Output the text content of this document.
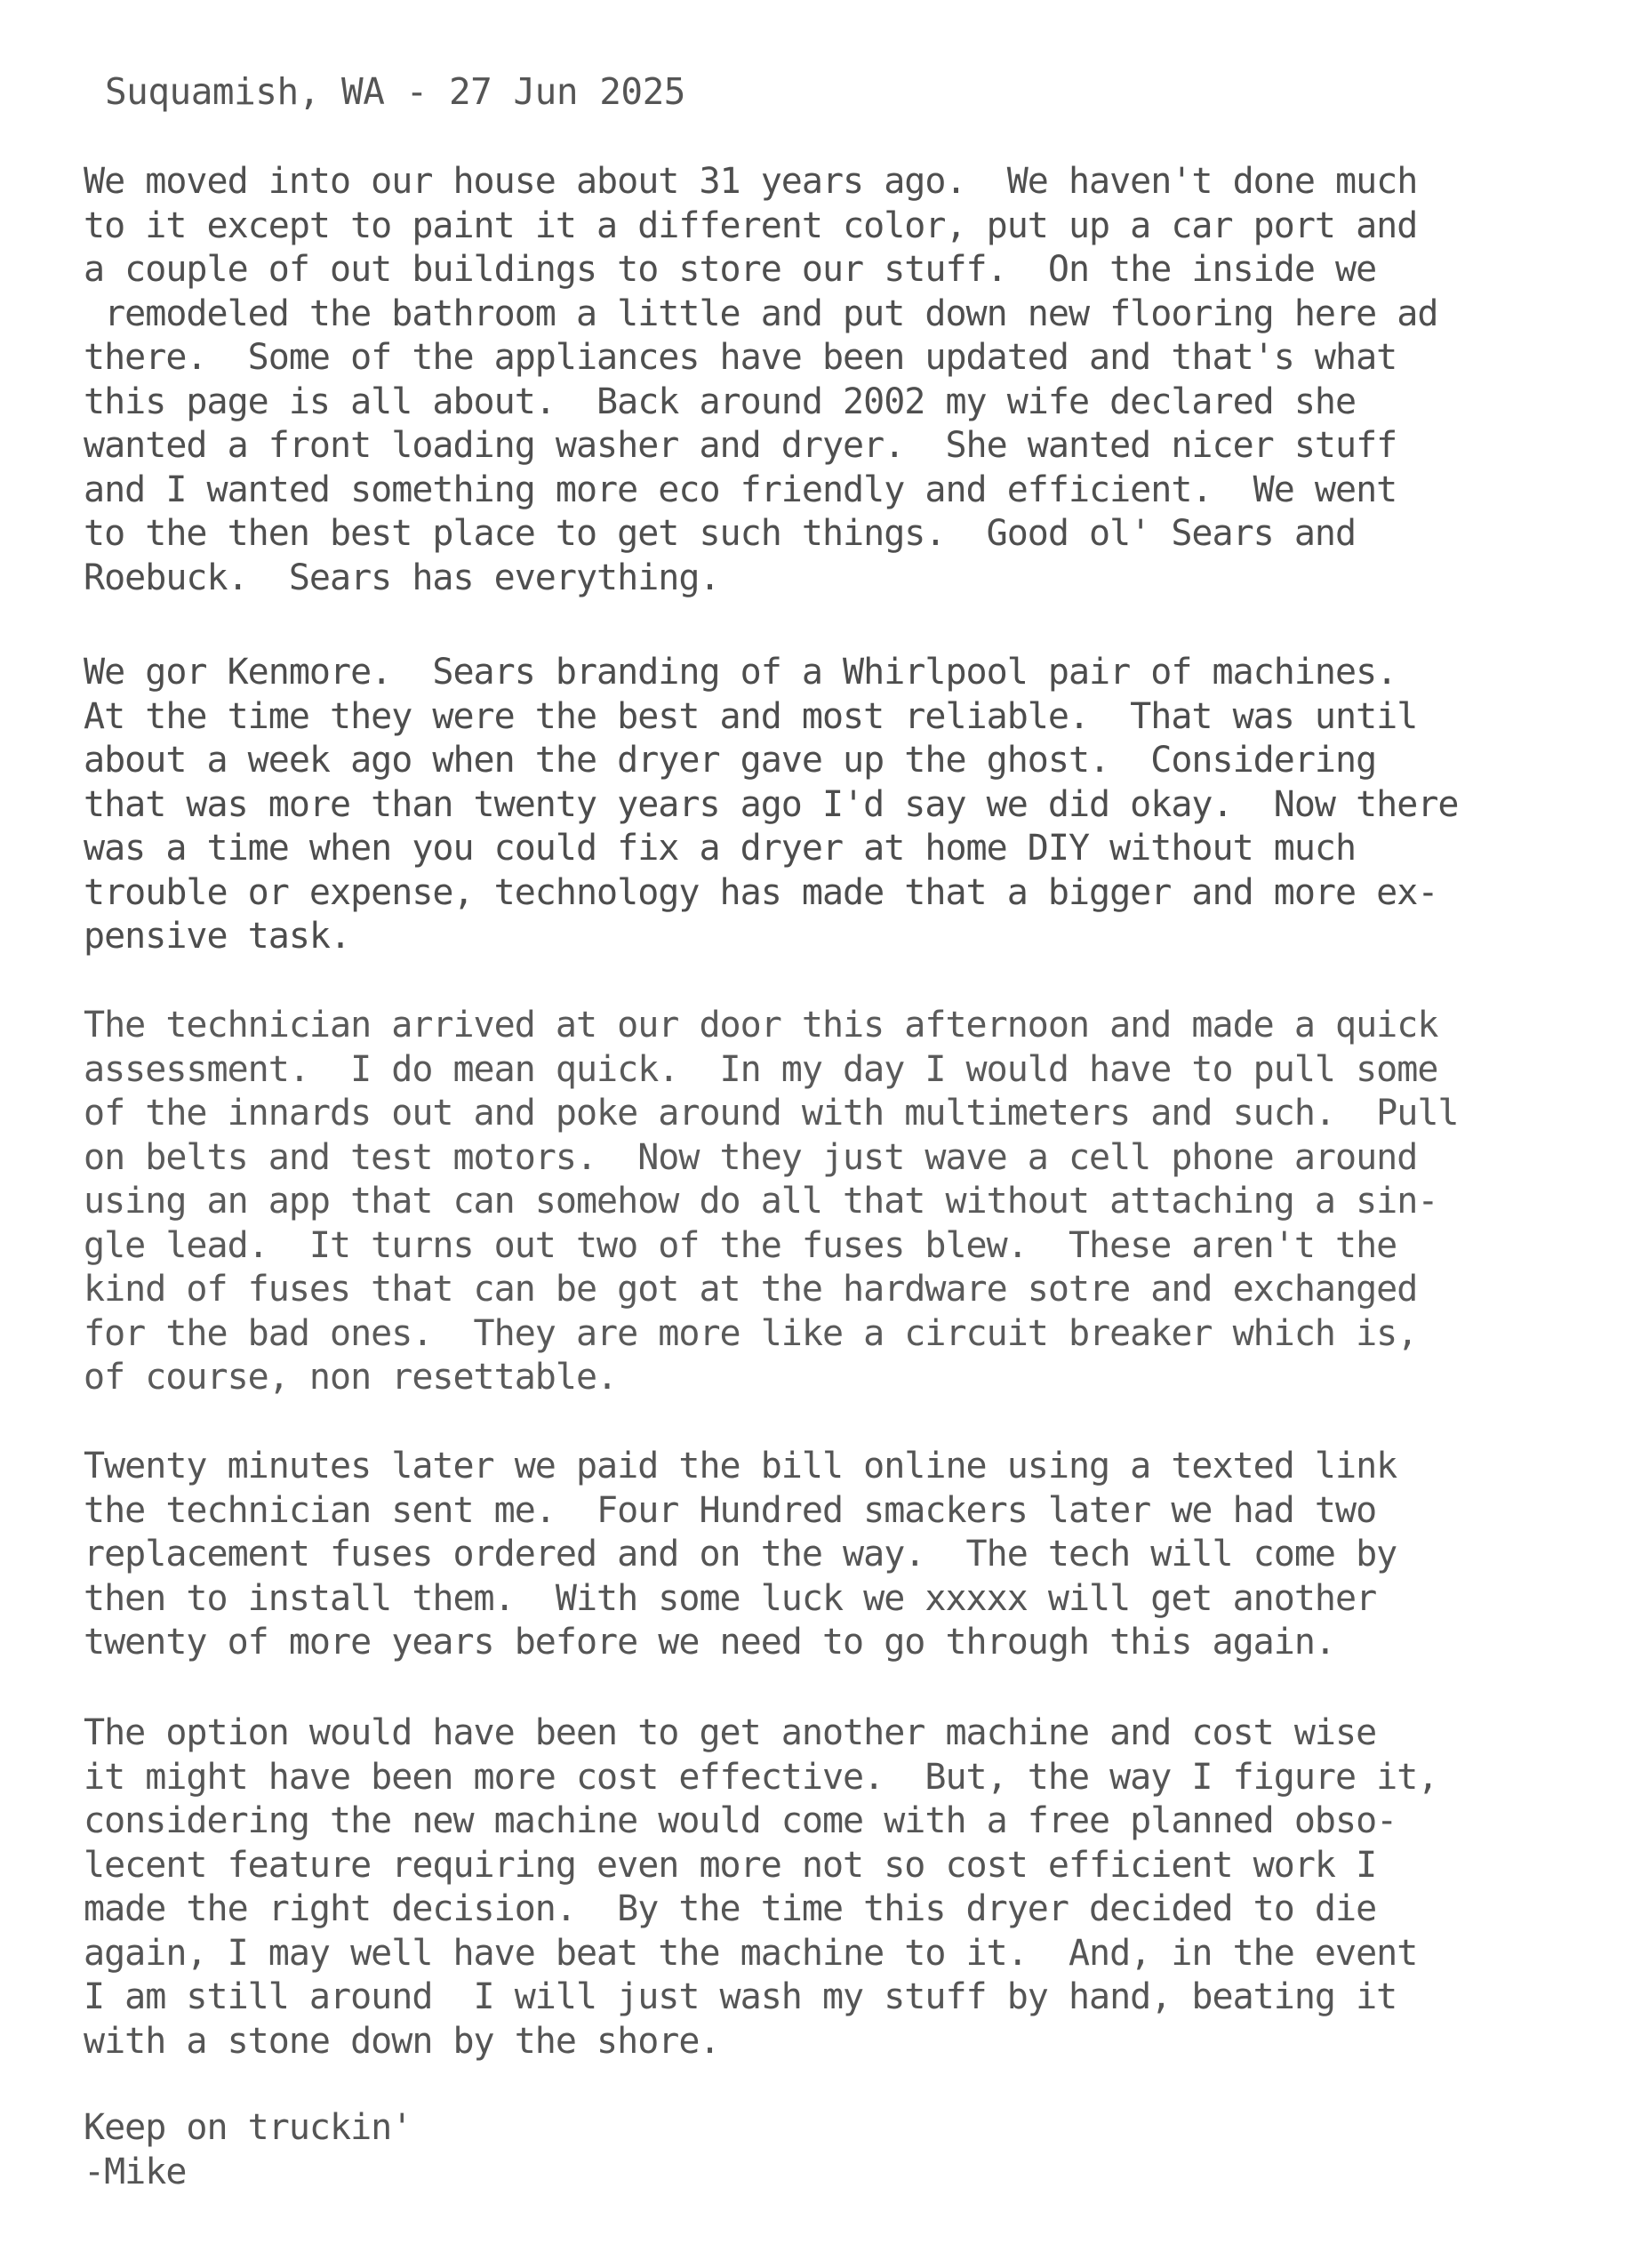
Suquamish, WA - 27 Jun 2025
We moved into our house about 31 years ago.  We haven't done much
to it except to paint it a different color, put up a car port and
a couple of out buildings to store our stuff.  On the inside we
remodeled the bathroom a little and put down new flooring here ad
there.  Some of the appliances have been updated and that's what
this page is all about.  Back around 2002 my wife declared she
wanted a front loading washer and dryer.  She wanted nicer stuff
and I wanted something more eco friendly and efficient.  We went
to the then best place to get such things.  Good ol' Sears and
Roebuck.  Sears has everything.
We gor Kenmore.  Sears branding of a Whirlpool pair of machines.
At the time they were the best and most reliable.  That was until
about a week ago when the dryer gave up the ghost.  Considering
that was more than twenty years ago I'd say we did okay.  Now there
was a time when you could fix a dryer at home DIY without much
trouble or expense, technology has made that a bigger and more ex-
pensive task.
The technician arrived at our door this afternoon and made a quick
assessment.  I do mean quick.  In my day I would have to pull some
of the innards out and poke around with multimeters and such.  Pull
on belts and test motors.  Now they just wave a cell phone around
using an app that can somehow do all that without attaching a sin-
gle lead.  It turns out two of the fuses blew.  These aren't the
kind of fuses that can be got at the hardware sotre and exchanged
for the bad ones.  They are more like a circuit breaker which is,
of course, non resettable.
Twenty minutes later we paid the bill online using a texted link
the technician sent me.  Four Hundred smackers later we had two
replacement fuses ordered and on the way.  The tech will come by
then to install them.  With some luck we xxxxx will get another
twenty of more years before we need to go through this again.
The option would have been to get another machine and cost wise
it might have been more cost effective.  But, the way I figure it,
considering the new machine would come with a free planned obso-
lecent feature requiring even more not so cost efficient work I
made the right decision.  By the time this dryer decided to die
again, I may well have beat the machine to it.  And, in the event
I am still around  I will just wash my stuff by hand, beating it
with a stone down by the shore.
Keep on truckin'
-Mike
